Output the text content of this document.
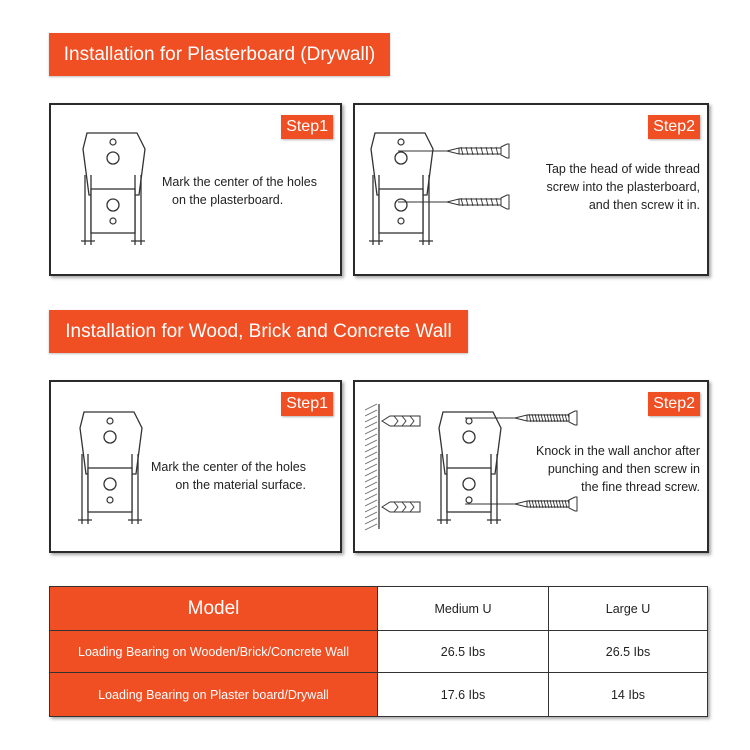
Installation for Plasterboard (Drywall)
Step1
Mark the center of the holes
on the plasterboard.
Step2
Tap the head of wide thread
screw into the plasterboard,
and then screw it in.
Installation for Wood, Brick and Concrete Wall
Step1
Mark the center of the holes
on the material surface.
Step2
Knock in the wall anchor after
punching and then screw in
the fine thread screw.
Model	Medium U	Large U
Loading Bearing on Wooden/Brick/Concrete Wall	26.5 Ibs	26.5 Ibs
Loading Bearing on Plaster board/Drywall	17.6 Ibs	14 Ibs
